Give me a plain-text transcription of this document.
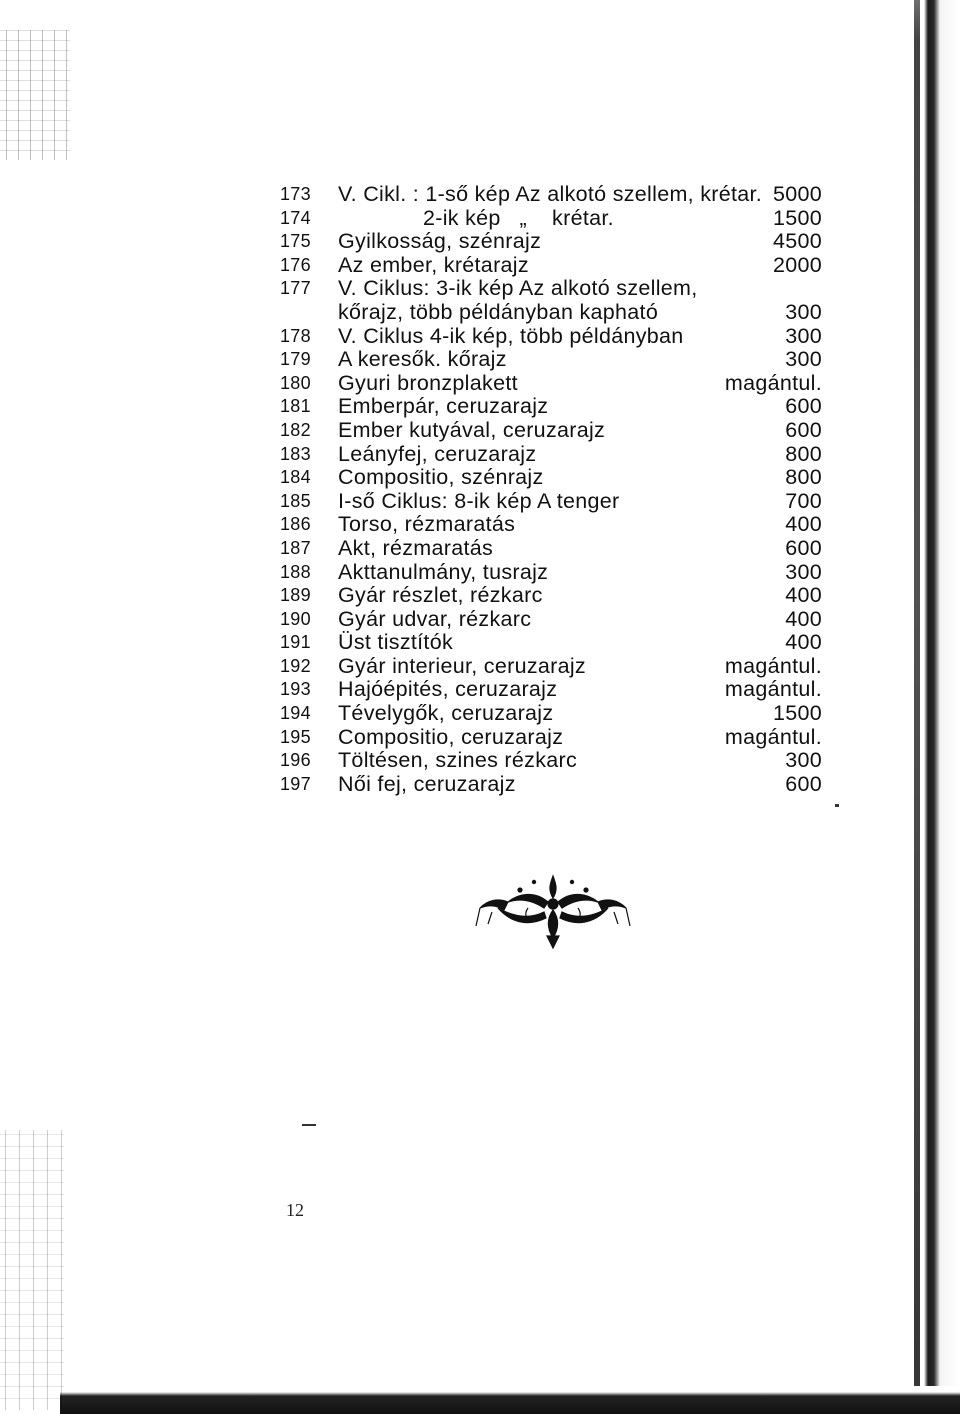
173	V. Cikl. : 1-ső kép Az alkotó szellem, krétar. 5000
174	2-ik kép   „    krétar.	1500
175	Gyilkosság, szénrajz	4500
176	Az ember, krétarajz	2000
177	V. Ciklus: 3-ik kép Az alkotó szellem,
kőrajz, több példányban kapható	300
178	V. Ciklus 4-ik kép, több példányban	300
179	A keresők. kőrajz	300
180	Gyuri bronzplakett	magántul.
181	Emberpár, ceruzarajz	600
182	Ember kutyával, ceruzarajz	600
183	Leányfej, ceruzarajz	800
184	Compositio, szénrajz	800
185	I-ső Ciklus: 8-ik kép A tenger	700
186	Torso, rézmaratás	400
187	Akt, rézmaratás	600
188	Akttanulmány, tusrajz	300
189	Gyár részlet, rézkarc	400
190	Gyár udvar, rézkarc	400
191	Üst tisztítók	400
192	Gyár interieur, ceruzarajz	magántul.
193	Hajóépités, ceruzarajz	magántul.
194	Tévelygők, ceruzarajz	1500
195	Compositio, ceruzarajz	magántul.
196	Töltésen, szines rézkarc	300
197	Női fej, ceruzarajz	600
12
